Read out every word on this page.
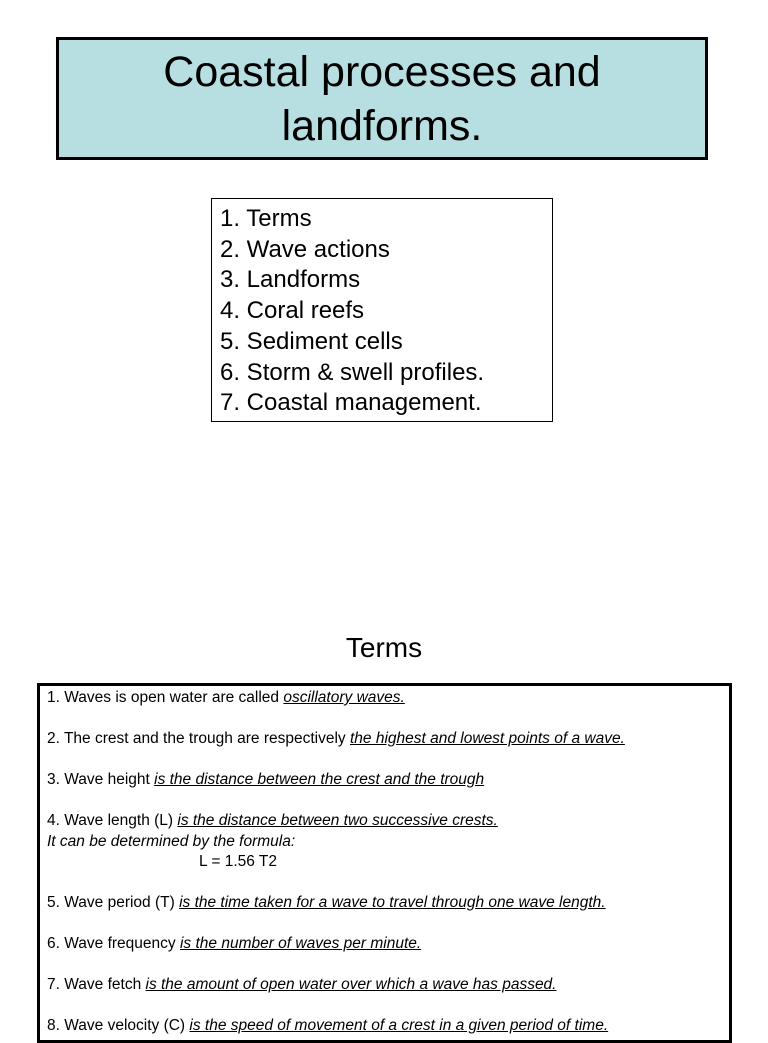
Coastal processes and landforms.
1. Terms
2. Wave actions
3. Landforms
4. Coral reefs
5. Sediment cells
6. Storm & swell profiles.
7. Coastal management.
Terms
1. Waves is open water are called oscillatory waves.
2. The crest and the trough are respectively the highest and lowest points of a wave.
3. Wave height is the distance between the crest and the trough
4. Wave length (L) is the distance between two successive crests.
It can be determined by the formula:
L = 1.56 T2
5. Wave period (T) is the time taken for a wave to travel through one wave length.
6. Wave frequency is the number of waves per minute.
7. Wave fetch is the amount of open water over which a wave has passed.
8. Wave velocity (C) is the speed of movement of a crest in a given period of time.
